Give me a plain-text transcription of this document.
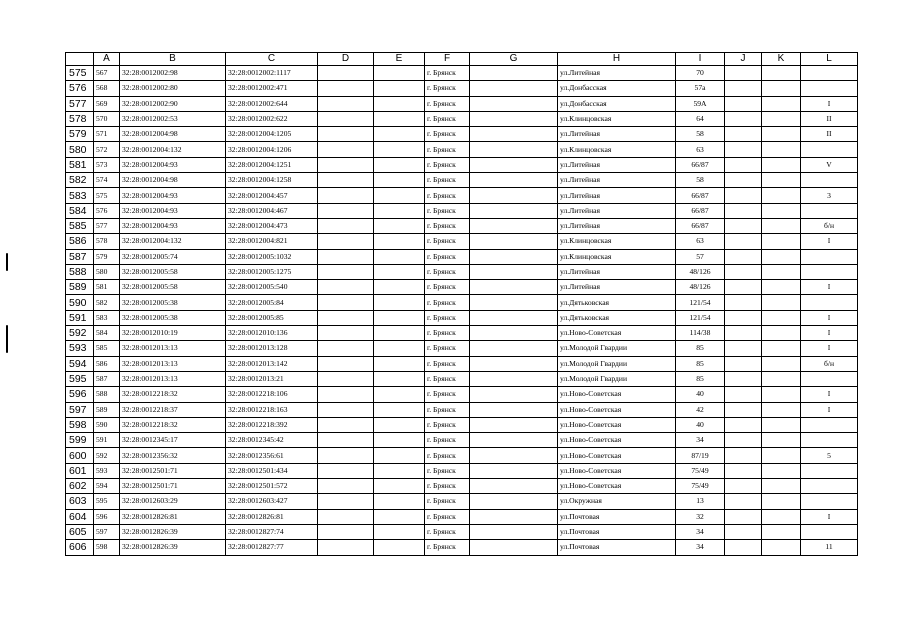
	A	B	C	D	E	F	G	H	I	J	K	L
575	567	32:28:0012002:98	32:28:0012002:1117			г. Брянск		ул.Литейная	70			
576	568	32:28:0012002:80	32:28:0012002:471			г. Брянск		ул.Донбасская	57а			
577	569	32:28:0012002:90	32:28:0012002:644			г. Брянск		ул.Донбасская	59А			I
578	570	32:28:0012002:53	32:28:0012002:622			г. Брянск		ул.Клинцовская	64			II
579	571	32:28:0012004:98	32:28:0012004:1205			г. Брянск		ул.Литейная	58			II
580	572	32:28:0012004:132	32:28:0012004:1206			г. Брянск		ул.Клинцовская	63			
581	573	32:28:0012004:93	32:28:0012004:1251			г. Брянск		ул.Литейная	66/87			V
582	574	32:28:0012004:98	32:28:0012004:1258			г. Брянск		ул.Литейная	58			
583	575	32:28:0012004:93	32:28:0012004:457			г. Брянск		ул.Литейная	66/87			3
584	576	32:28:0012004:93	32:28:0012004:467			г. Брянск		ул.Литейная	66/87			
585	577	32:28:0012004:93	32:28:0012004:473			г. Брянск		ул.Литейная	66/87			б/н
586	578	32:28:0012004:132	32:28:0012004:821			г. Брянск		ул.Клинцовская	63			I
587	579	32:28:0012005:74	32:28:0012005:1032			г. Брянск		ул.Клинцовская	57			
588	580	32:28:0012005:58	32:28:0012005:1275			г. Брянск		ул.Литейная	48/126			
589	581	32:28:0012005:58	32:28:0012005:540			г. Брянск		ул.Литейная	48/126			I
590	582	32:28:0012005:38	32:28:0012005:84			г. Брянск		ул.Дятьковская	121/54			
591	583	32:28:0012005:38	32:28:0012005:85			г. Брянск		ул.Дятьковская	121/54			I
592	584	32:28:0012010:19	32:28:0012010:136			г. Брянск		ул.Ново-Советская	114/38			I
593	585	32:28:0012013:13	32:28:0012013:128			г. Брянск		ул.Молодой Гвардии	85			I
594	586	32:28:0012013:13	32:28:0012013:142			г. Брянск		ул.Молодой Гвардии	85			б/н
595	587	32:28:0012013:13	32:28:0012013:21			г. Брянск		ул.Молодой Гвардии	85			
596	588	32:28:0012218:32	32:28:0012218:106			г. Брянск		ул.Ново-Советская	40			I
597	589	32:28:0012218:37	32:28:0012218:163			г. Брянск		ул.Ново-Советская	42			I
598	590	32:28:0012218:32	32:28:0012218:392			г. Брянск		ул.Ново-Советская	40			
599	591	32:28:0012345:17	32:28:0012345:42			г. Брянск		ул.Ново-Советская	34			
600	592	32:28:0012356:32	32:28:0012356:61			г. Брянск		ул.Ново-Советская	87/19			5
601	593	32:28:0012501:71	32:28:0012501:434			г. Брянск		ул.Ново-Советская	75/49			
602	594	32:28:0012501:71	32:28:0012501:572			г. Брянск		ул.Ново-Советская	75/49			
603	595	32:28:0012603:29	32:28:0012603:427			г. Брянск		ул.Окружная	13			
604	596	32:28:0012826:81	32:28:0012826:81			г. Брянск		ул.Почтовая	32			I
605	597	32:28:0012826:39	32:28:0012827:74			г. Брянск		ул.Почтовая	34			
606	598	32:28:0012826:39	32:28:0012827:77			г. Брянск		ул.Почтовая	34			11
